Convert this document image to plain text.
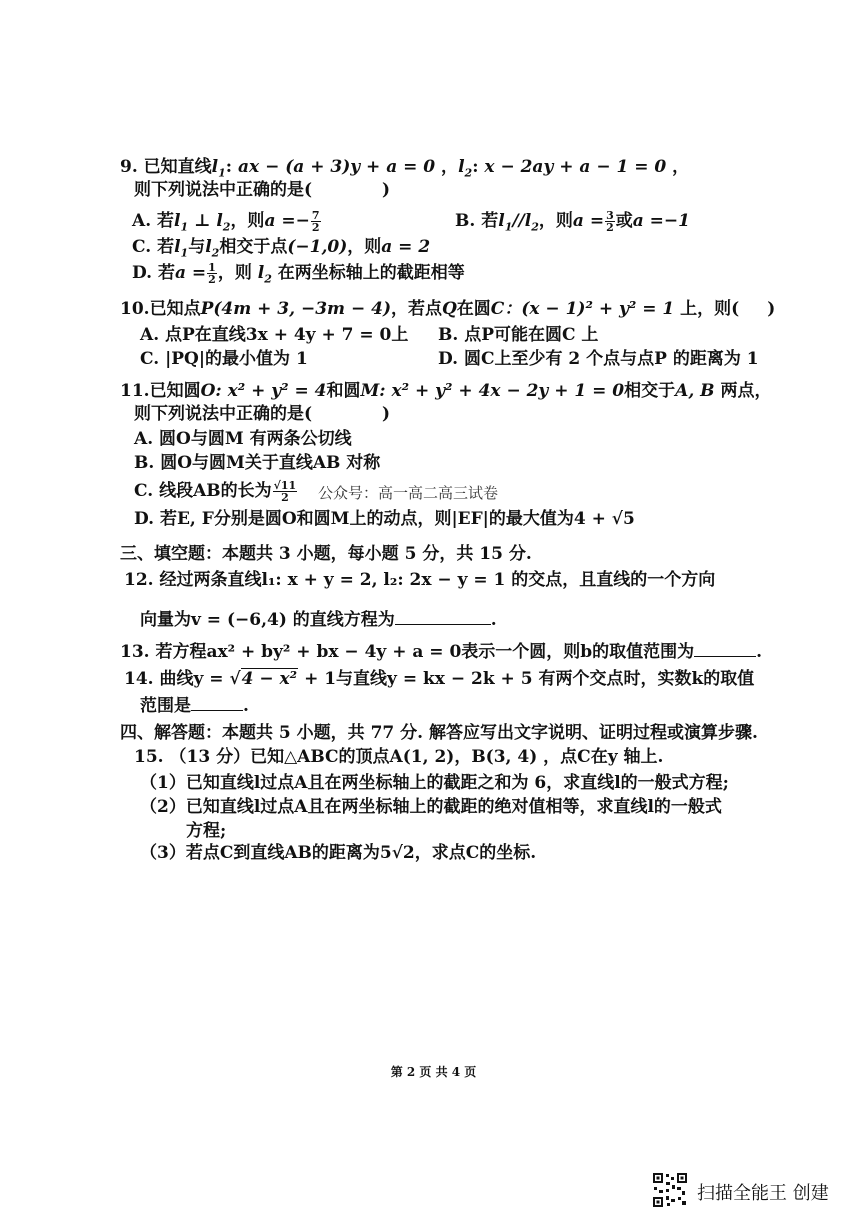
9. 已知直线$l_1$: ax − (a + 3)y + a = 0 ，$l_2$: x − 2ay + a − 1 = 0 ，
则下列说法中正确的是(	)
A. 若$l_1$ ⊥ $l_2$，则$a =- \frac{7}{2}$	B. 若$l_1//l_2$，则$a = \frac{3}{2}$ 或a =−1
C. 若$l_1$与$l_2$相交于点(−1,0)，则a = 2
D. 若$a = \frac{1}{2}$ ，则 $l_2$ 在两坐标轴上的截距相等
10.已知点P(4m + 3, −3m − 4)，若点Q在圆C：(x − 1)² + y² = 1 上，则( )
A. 点P在直线3x + 4y + 7 = 0上 B. 点P可能在圆C 上
C. |PQ|的最小值为 1	D. 圆C上至少有 2 个点与点P 的距离为 1
11.已知圆O: x² + y² = 4和圆M: x² + y² + 4x − 2y + 1 = 0相交于A, B 两点，
则下列说法中正确的是(	)
A. 圆O与圆M 有两条公切线
B. 圆O与圆M关于直线AB 对称
C. 线段AB的长为 $\frac{√11}{2}$ 公众号：高一高二高三试卷
D. 若E, F分别是圆O和圆M上的动点，则|EF|的最大值为4 + √5
三、填空题：本题共 3 小题，每小题 5 分，共 15 分.
12. 经过两条直线l₁: x + y = 2, l₂: 2x − y = 1 的交点，且直线的一个方向
向量为v = (−6,4) 的直线方程为	.
13. 若方程ax² + by² + bx − 4y + a = 0表示一个圆，则b的取值范围为	.
14. 曲线y = √4 − x² + 1与直线y = kx − 2k + 5 有两个交点时，实数k的取值
范围是	.
四、解答题：本题共 5 小题，共 77 分. 解答应写出文字说明、证明过程或演算步骤.
15. （13 分）已知△ABC的顶点A(1, 2)，B(3, 4) ，点C在y 轴上.
（1）已知直线l过点A且在两坐标轴上的截距之和为 6，求直线l的一般式方程;
（2）已知直线l过点A且在两坐标轴上的截距的绝对值相等，求直线l的一般式
方程;
（3）若点C到直线AB的距离为5√2，求点C的坐标.
第 2 页 共 4 页
扫描全能王 创建
